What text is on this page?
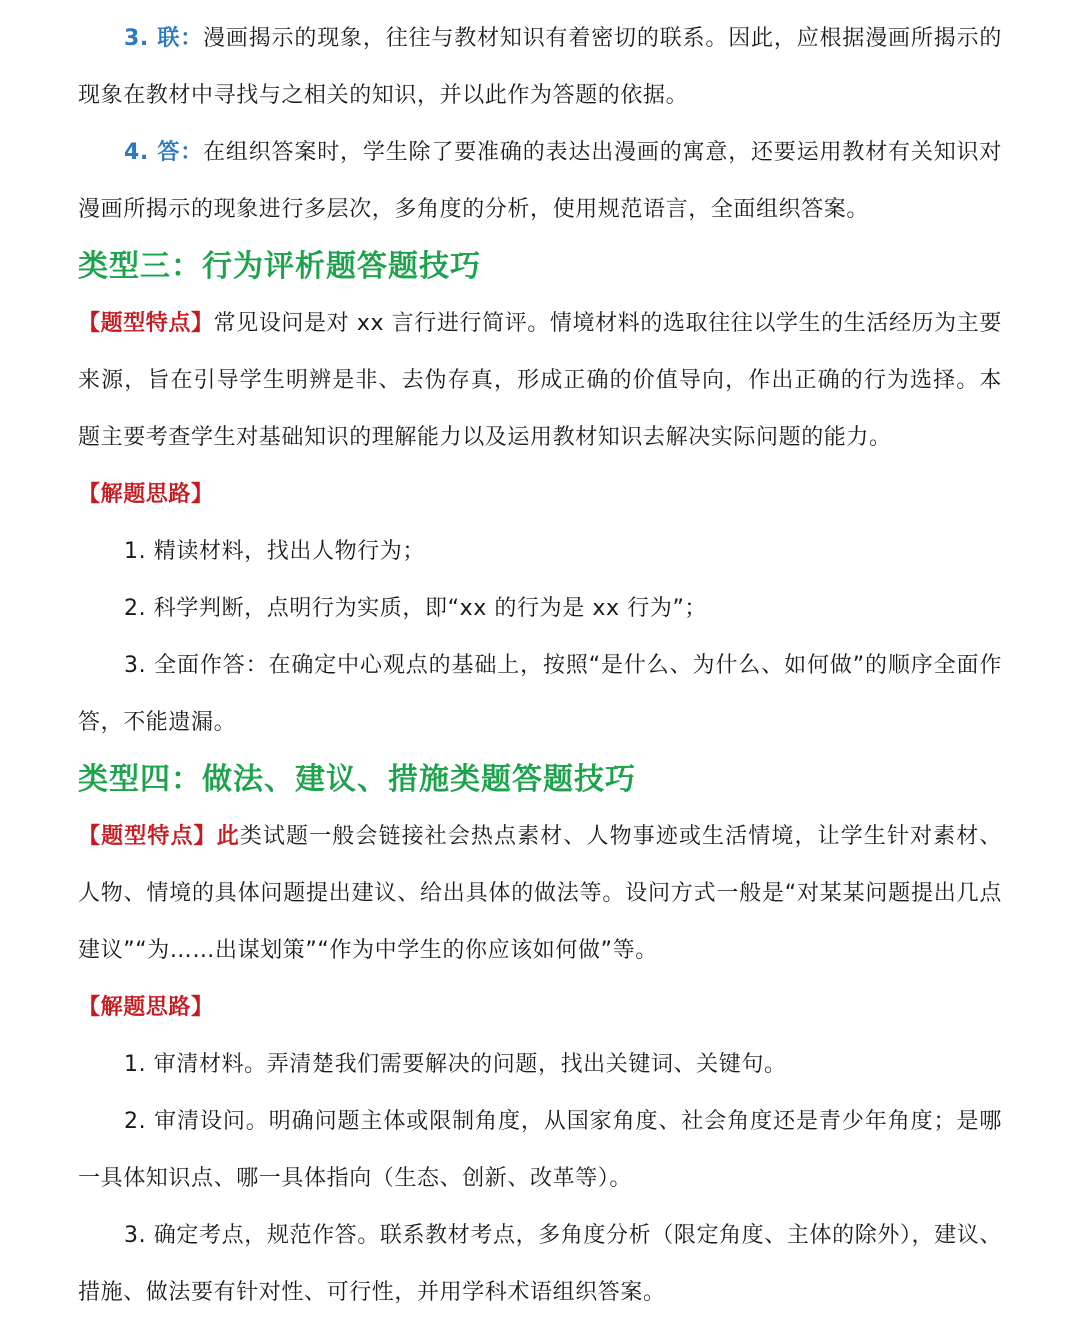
3. 联：漫画揭示的现象，往往与教材知识有着密切的联系。因此，应根据漫画所揭示的现象在教材中寻找与之相关的知识，并以此作为答题的依据。

4. 答：在组织答案时，学生除了要准确的表达出漫画的寓意，还要运用教材有关知识对漫画所揭示的现象进行多层次，多角度的分析，使用规范语言，全面组织答案。

类型三：行为评析题答题技巧

【题型特点】常见设问是对 xx 言行进行简评。情境材料的选取往往以学生的生活经历为主要来源，旨在引导学生明辨是非、去伪存真，形成正确的价值导向，作出正确的行为选择。本题主要考查学生对基础知识的理解能力以及运用教材知识去解决实际问题的能力。

【解题思路】

1. 精读材料，找出人物行为；

2. 科学判断，点明行为实质，即“xx 的行为是 xx 行为”；

3. 全面作答：在确定中心观点的基础上，按照“是什么、为什么、如何做”的顺序全面作答，不能遗漏。

类型四：做法、建议、措施类题答题技巧

【题型特点】此类试题一般会链接社会热点素材、人物事迹或生活情境，让学生针对素材、人物、情境的具体问题提出建议、给出具体的做法等。设问方式一般是“对某某问题提出几点建议”“为……出谋划策”“作为中学生的你应该如何做”等。

【解题思路】

1. 审清材料。弄清楚我们需要解决的问题，找出关键词、关键句。

2. 审清设问。明确问题主体或限制角度，从国家角度、社会角度还是青少年角度；是哪一具体知识点、哪一具体指向（生态、创新、改革等）。

3. 确定考点，规范作答。联系教材考点，多角度分析（限定角度、主体的除外），建议、措施、做法要有针对性、可行性，并用学科术语组织答案。
